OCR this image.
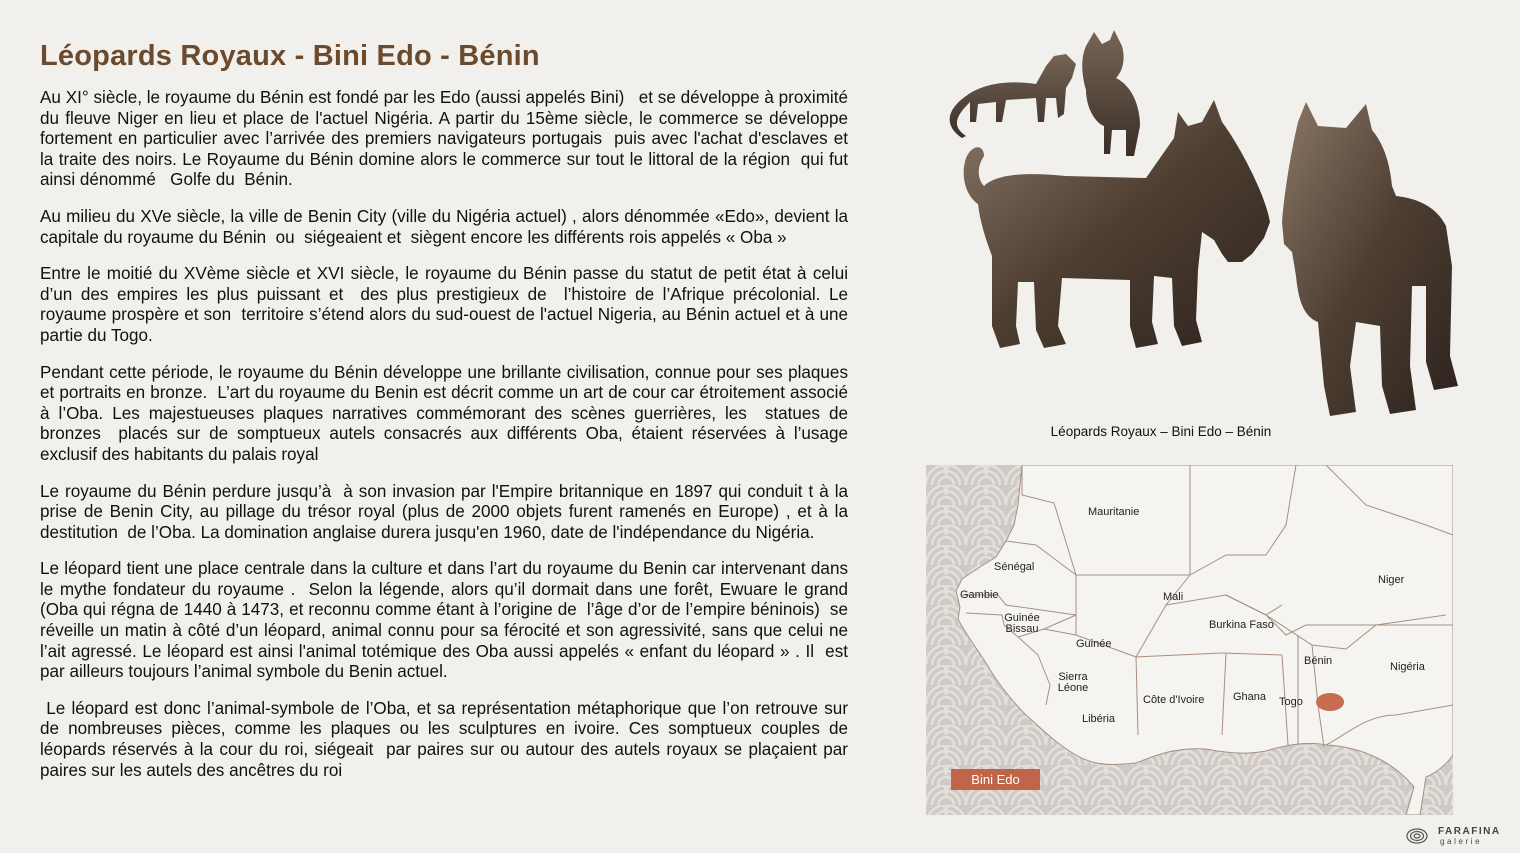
Léopards Royaux - Bini Edo - Bénin

Au XI° siècle, le royaume du Bénin est fondé par les Edo (aussi appelés Bini)   et se développe à proximité du fleuve Niger en lieu et place de l'actuel Nigéria. A partir du 15ème siècle, le commerce se développe fortement en particulier avec l’arrivée des premiers navigateurs portugais  puis avec l'achat d'esclaves et la traite des noirs. Le Royaume du Bénin domine alors le commerce sur tout le littoral de la région  qui fut ainsi dénommé   Golfe du  Bénin.

Au milieu du XVe siècle, la ville de Benin City (ville du Nigéria actuel) , alors dénommée «Edo», devient la capitale du royaume du Bénin  ou  siégeaient et  siègent encore les différents rois appelés « Oba »

Entre le moitié du XVème siècle et XVI siècle, le royaume du Bénin passe du statut de petit état à celui d’un des empires les plus puissant et  des plus prestigieux de  l’histoire de l’Afrique précolonial. Le royaume prospère et son  territoire s’étend alors du sud-ouest de l'actuel Nigeria, au Bénin actuel et à une partie du Togo.

Pendant cette période, le royaume du Bénin développe une brillante civilisation, connue pour ses plaques et portraits en bronze.  L’art du royaume du Benin est décrit comme un art de cour car étroitement associé à l’Oba. Les majestueuses plaques narratives commémorant des scènes guerrières, les  statues de bronzes  placés sur de somptueux autels consacrés aux différents Oba, étaient réservées à l’usage exclusif des habitants du palais royal

Le royaume du Bénin perdure jusqu’à  à son invasion par l'Empire britannique en 1897 qui conduit t à la prise de Benin City, au pillage du trésor royal (plus de 2000 objets furent ramenés en Europe) , et à la destitution  de l’Oba. La domination anglaise durera jusqu'en 1960, date de l'indépendance du Nigéria.

Le léopard tient une place centrale dans la culture et dans l’art du royaume du Benin car intervenant dans le mythe fondateur du royaume .  Selon la légende, alors qu’il dormait dans une forêt, Ewuare le grand (Oba qui régna de 1440 à 1473, et reconnu comme étant à l’origine de  l’âge d’or de l’empire béninois)  se réveille un matin à côté d’un léopard, animal connu pour sa férocité et son agressivité, sans que celui ne l’ait agressé. Le léopard est ainsi l'animal totémique des Oba aussi appelés « enfant du léopard » . Il  est par ailleurs toujours l’animal symbole du Benin actuel.

Le léopard est donc l’animal-symbole de l’Oba, et sa représentation métaphorique que l’on retrouve sur de nombreuses pièces, comme les plaques ou les sculptures en ivoire. Ces somptueux couples de léopards réservés à la cour du roi, siégeait  par paires sur ou autour des autels royaux se plaçaient par paires sur les autels des ancêtres du roi

Léopards Royaux – Bini Edo – Bénin
Mauritanie
Sénégal
Gambie
Guinée Bissau
Guinée
Sierra Léone
Libéria
Mali
Burkina Faso
Côte d'Ivoire	Ghana Togo
Bénin
Niger
Nigéria
Bini Edo
FARAFINA
galerie
